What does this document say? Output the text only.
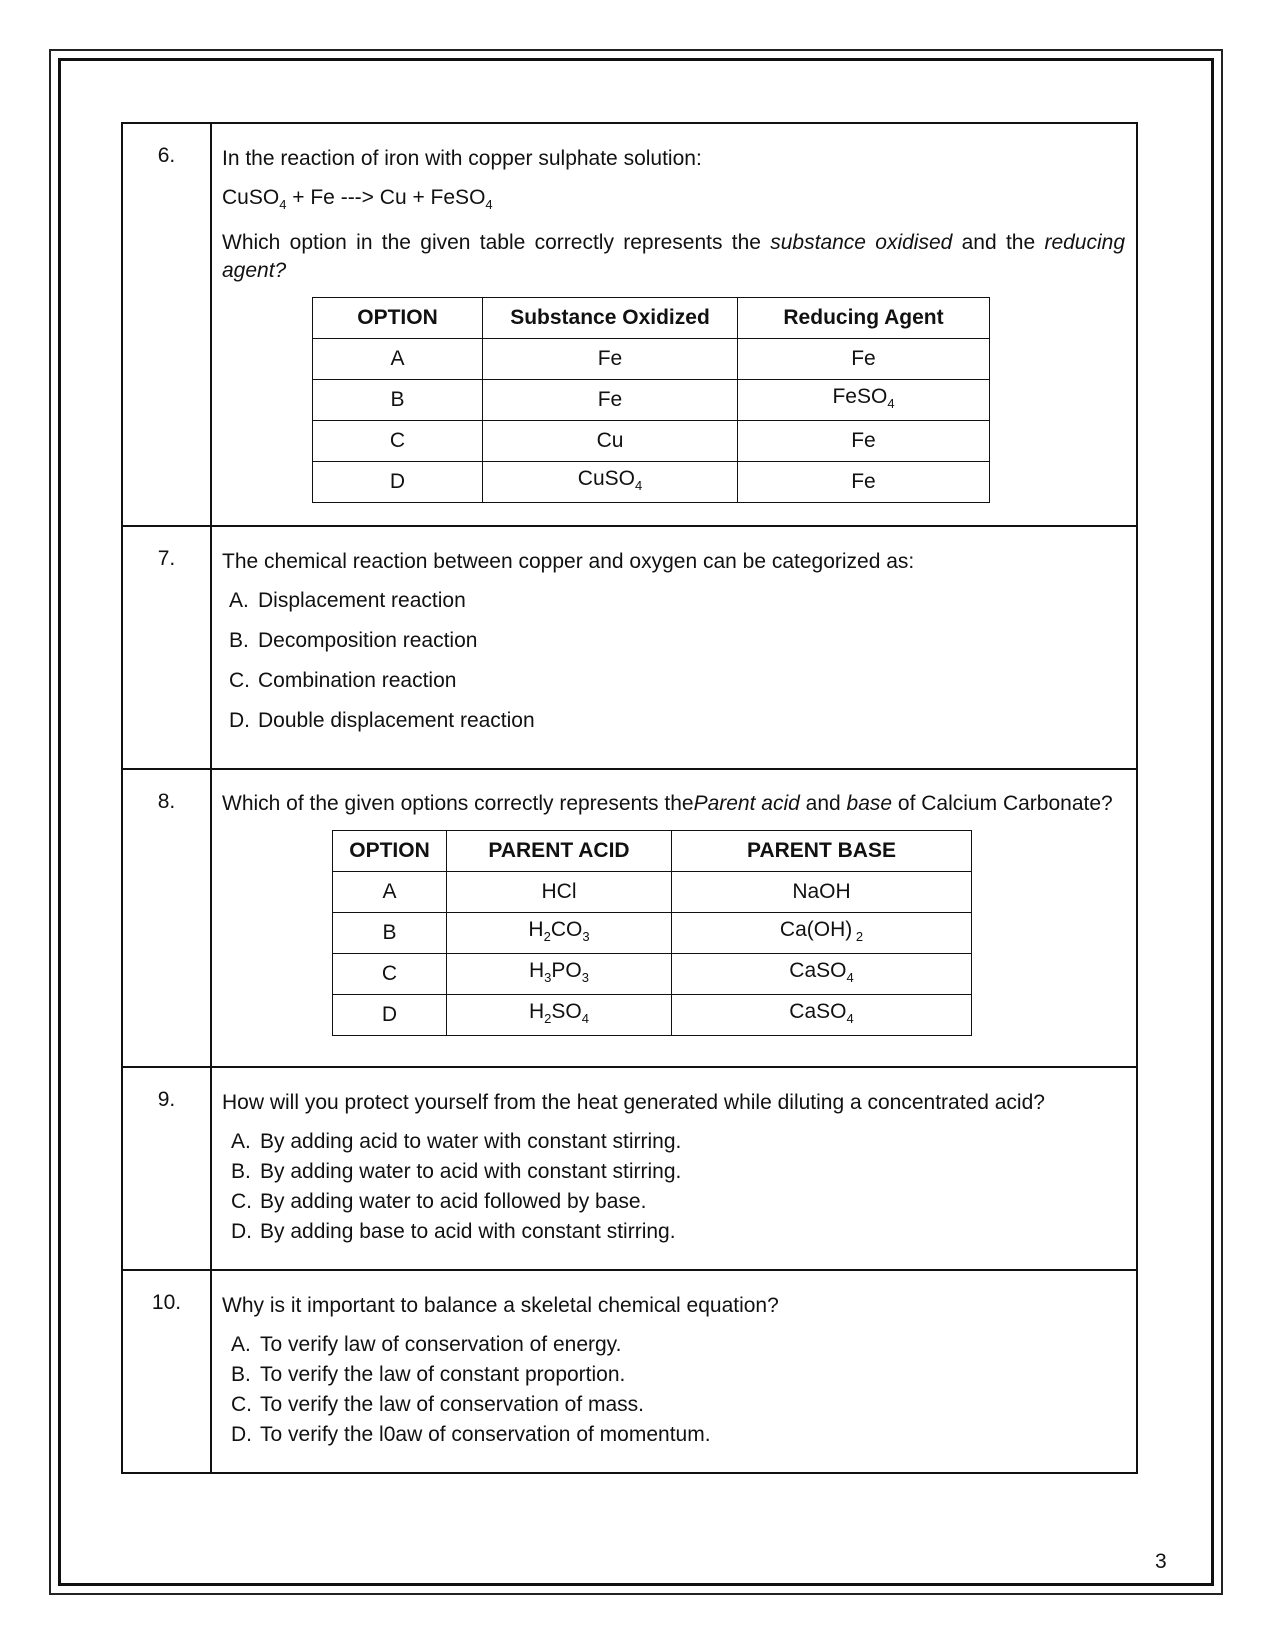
6.	In the reaction of iron with copper sulphate solution:

CuSO$_4$ + Fe ---> Cu + FeSO$_4$

Which option in the given table correctly represents the substance oxidised and the reducing agent?

OPTION	Substance Oxidized	Reducing Agent
A	Fe	Fe
B	Fe	FeSO$_4$
C	Cu	Fe
D	CuSO$_4$	Fe

7.	The chemical reaction between copper and oxygen can be categorized as:

A. Displacement reaction
B. Decomposition reaction
C. Combination reaction
D. Double displacement reaction

8.	Which of the given options correctly represents theParent acid and base of Calcium Carbonate?

OPTION	PARENT ACID	PARENT BASE
A	HCl	NaOH
B	$H_2CO_3$	Ca(OH) $_2$
C	$H_3PO_3$	CaSO$_4$
D	$H_2SO_4$	CaSO$_4$

9.	How will you protect yourself from the heat generated while diluting a concentrated acid?

A. By adding acid to water with constant stirring.
B. By adding water to acid with constant stirring.
C. By adding water to acid followed by base.
D. By adding base to acid with constant stirring.

10.	Why is it important to balance a skeletal chemical equation?

A. To verify law of conservation of energy.
B. To verify the law of constant proportion.
C. To verify the law of conservation of mass.
D. To verify the l0aw of conservation of momentum.
3
